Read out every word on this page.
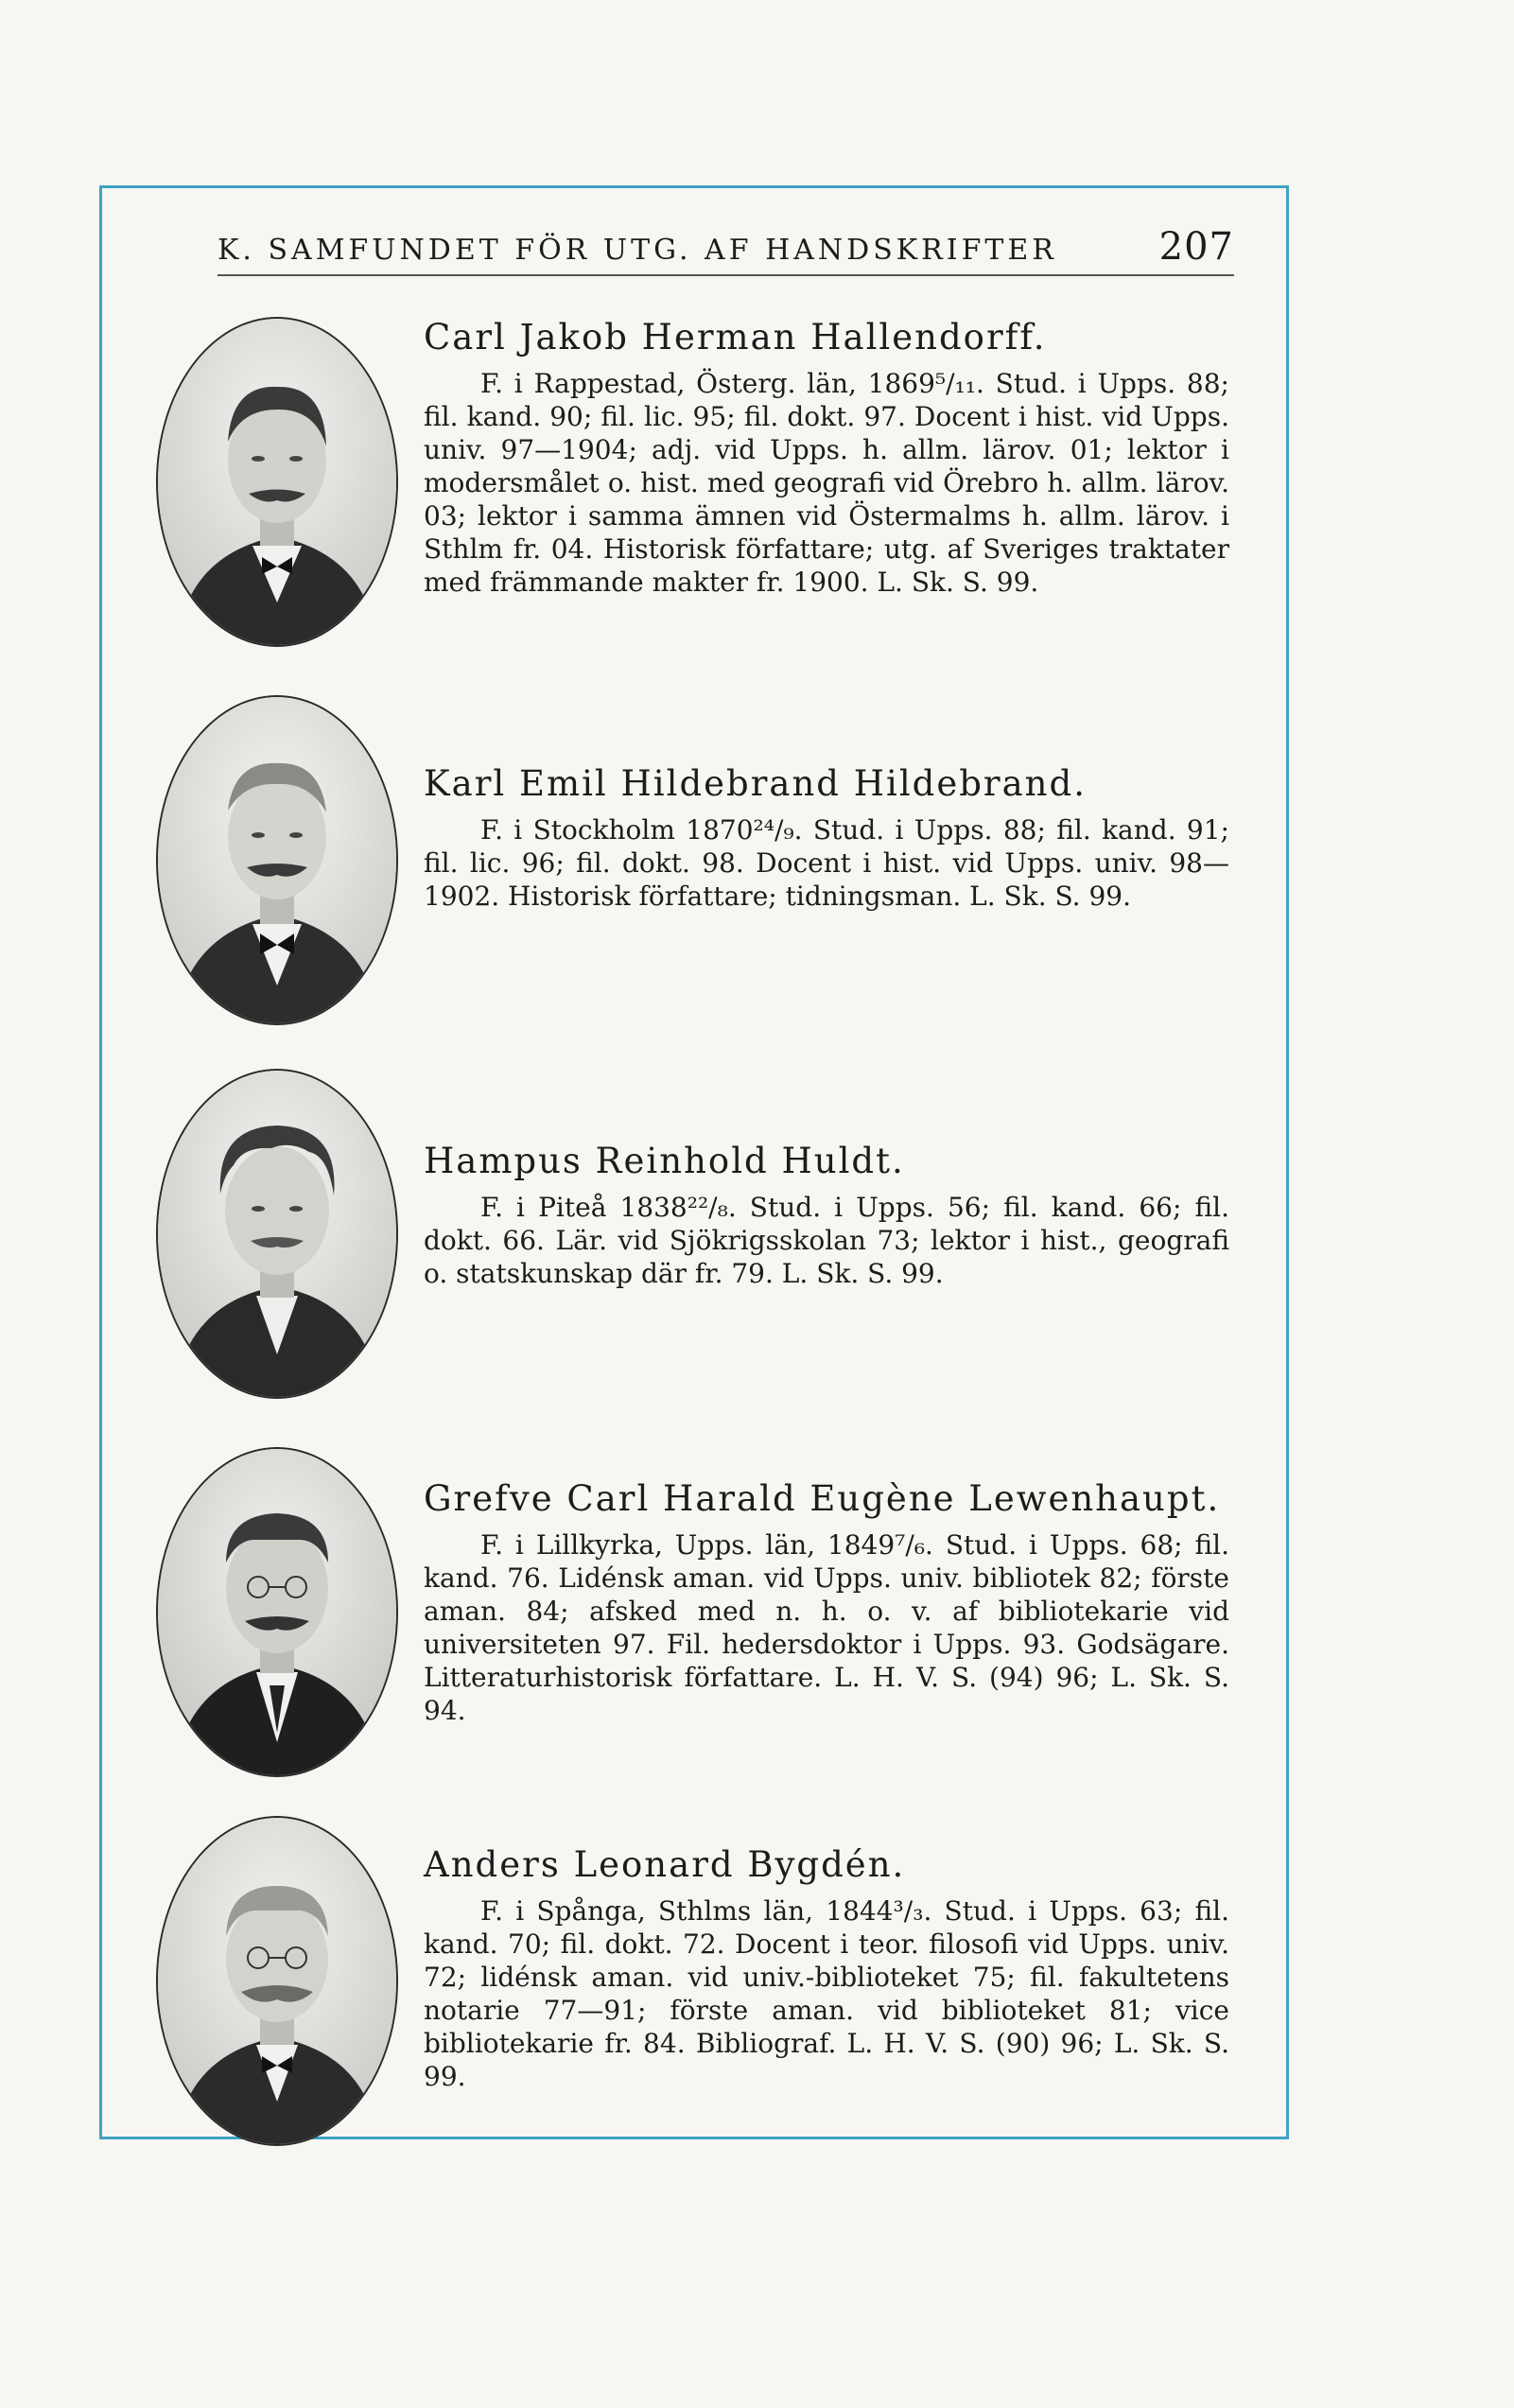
K. SAMFUNDET FÖR UTG. AF HANDSKRIFTER	207
Carl Jakob Herman Hallendorff.

F. i Rappestad, Österg. län, 1869⁵/₁₁. Stud. i Upps. 88; fil. kand. 90; fil. lic. 95; fil. dokt. 97. Docent i hist. vid Upps. univ. 97—1904; adj. vid Upps. h. allm. lärov. 01; lektor i modersmålet o. hist. med geografi vid Örebro h. allm. lärov. 03; lektor i samma ämnen vid Östermalms h. allm. lärov. i Sthlm fr. 04. Historisk författare; utg. af Sveriges traktater med främmande makter fr. 1900. L. Sk. S. 99.

Karl Emil Hildebrand Hildebrand.

F. i Stockholm 1870²⁴/₉. Stud. i Upps. 88; fil. kand. 91; fil. lic. 96; fil. dokt. 98. Docent i hist. vid Upps. univ. 98—1902. Historisk författare; tidningsman. L. Sk. S. 99.

Hampus Reinhold Huldt.

F. i Piteå 1838²²/₈. Stud. i Upps. 56; fil. kand. 66; fil. dokt. 66. Lär. vid Sjökrigsskolan 73; lektor i hist., geografi o. statskunskap där fr. 79. L. Sk. S. 99.

Grefve Carl Harald Eugène Lewenhaupt.

F. i Lillkyrka, Upps. län, 1849⁷/₆. Stud. i Upps. 68; fil. kand. 76. Lidénsk aman. vid Upps. univ. bibliotek 82; förste aman. 84; afsked med n. h. o. v. af bibliotekarie vid universiteten 97. Fil. hedersdoktor i Upps. 93. Godsägare. Litteraturhistorisk författare. L. H. V. S. (94) 96; L. Sk. S. 94.

Anders Leonard Bygdén.

F. i Spånga, Sthlms län, 1844³/₃. Stud. i Upps. 63; fil. kand. 70; fil. dokt. 72. Docent i teor. filosofi vid Upps. univ. 72; lidénsk aman. vid univ.-biblioteket 75; fil. fakultetens notarie 77—91; förste aman. vid biblioteket 81; vice bibliotekarie fr. 84. Bibliograf. L. H. V. S. (90) 96; L. Sk. S. 99.
